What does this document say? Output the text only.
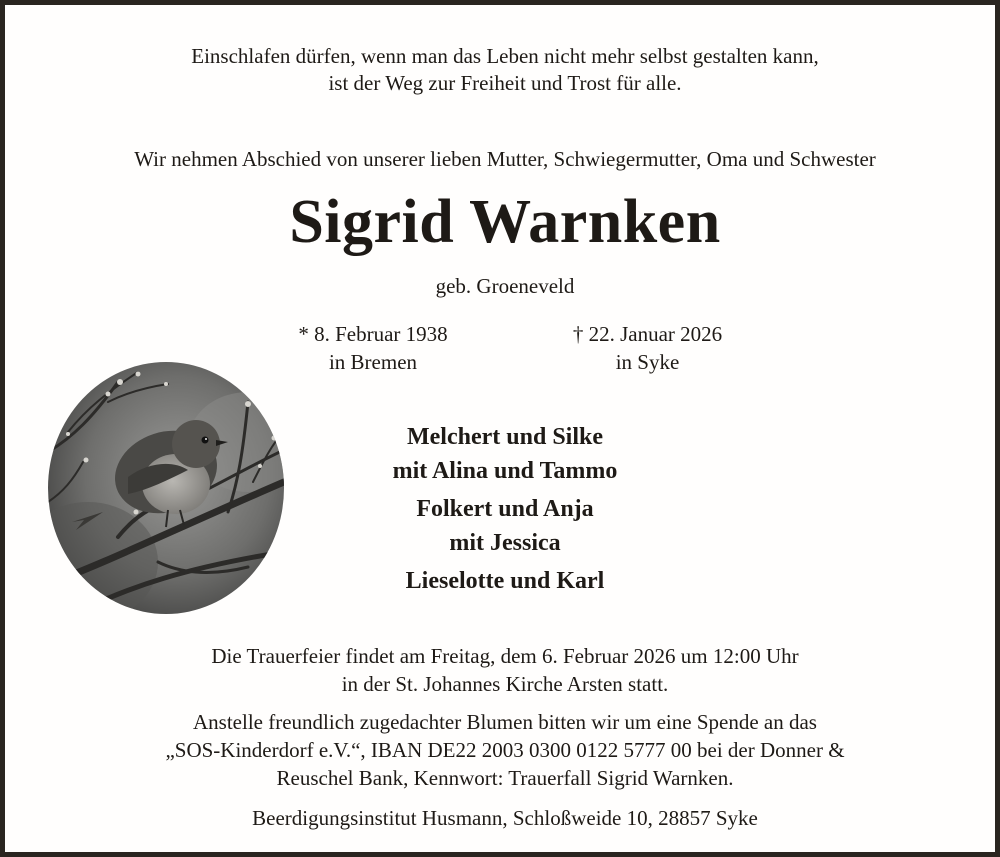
Einschlafen dürfen, wenn man das Leben nicht mehr selbst gestalten kann,
ist der Weg zur Freiheit und Trost für alle.
Wir nehmen Abschied von unserer lieben Mutter, Schwiegermutter, Oma und Schwester
Sigrid Warnken
geb. Groeneveld
* 8. Februar 1938
in Bremen
† 22. Januar 2026
in Syke
Melchert und Silke
mit Alina und Tammo
Folkert und Anja
mit Jessica
Lieselotte und Karl
Die Trauerfeier findet am Freitag, dem 6. Februar 2026 um 12:00 Uhr
in der St. Johannes Kirche Arsten statt.
Anstelle freundlich zugedachter Blumen bitten wir um eine Spende an das
„SOS-Kinderdorf e.V.“, IBAN DE22 2003 0300 0122 5777 00 bei der Donner &
Reuschel Bank, Kennwort: Trauerfall Sigrid Warnken.
Beerdigungsinstitut Husmann, Schloßweide 10, 28857 Syke
